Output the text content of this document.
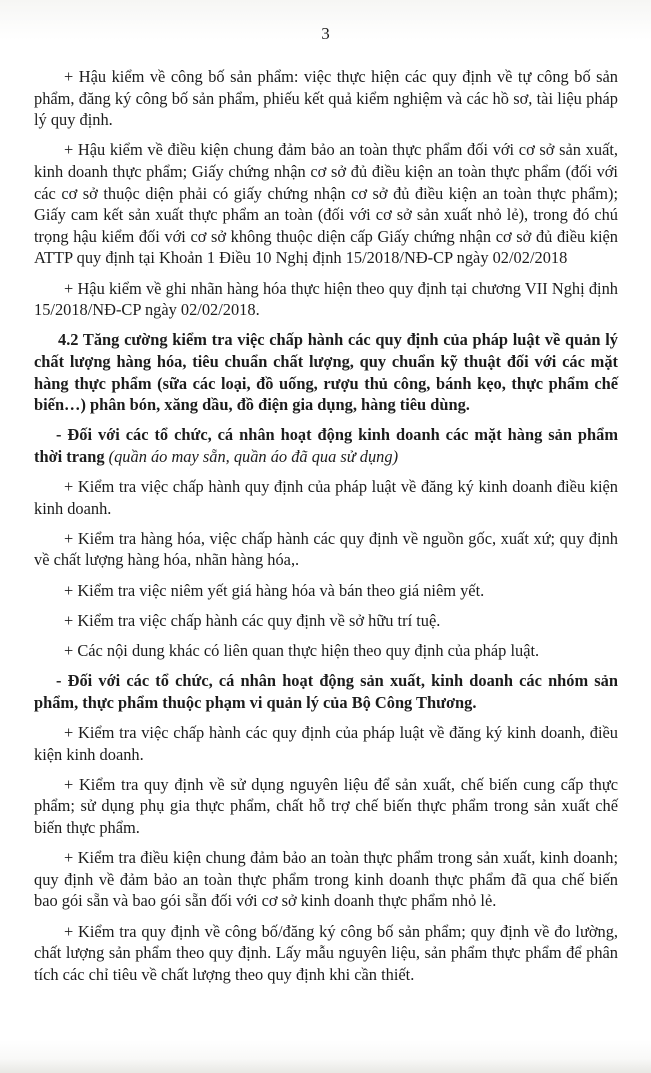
3

+ Hậu kiểm về công bố sản phẩm: việc thực hiện các quy định về tự công bố sản phẩm, đăng ký công bố sản phẩm, phiếu kết quả kiểm nghiệm và các hồ sơ, tài liệu pháp lý quy định.

+ Hậu kiểm về điều kiện chung đảm bảo an toàn thực phẩm đối với cơ sở sản xuất, kinh doanh thực phẩm; Giấy chứng nhận cơ sở đủ điều kiện an toàn thực phẩm (đối với các cơ sở thuộc diện phải có giấy chứng nhận cơ sở đủ điều kiện an toàn thực phẩm); Giấy cam kết sản xuất thực phẩm an toàn (đối với cơ sở sản xuất nhỏ lẻ), trong đó chú trọng hậu kiểm đối với cơ sở không thuộc diện cấp Giấy chứng nhận cơ sở đủ điều kiện ATTP quy định tại Khoản 1 Điều 10 Nghị định 15/2018/NĐ-CP ngày 02/02/2018

+ Hậu kiểm về ghi nhãn hàng hóa thực hiện theo quy định tại chương VII Nghị định 15/2018/NĐ-CP ngày 02/02/2018.

4.2 Tăng cường kiểm tra việc chấp hành các quy định của pháp luật về quản lý chất lượng hàng hóa, tiêu chuẩn chất lượng, quy chuẩn kỹ thuật đối với các mặt hàng thực phẩm (sữa các loại, đồ uống, rượu thủ công, bánh kẹo, thực phẩm chế biến…) phân bón, xăng dầu, đồ điện gia dụng, hàng tiêu dùng.

- Đối với các tổ chức, cá nhân hoạt động kinh doanh các mặt hàng sản phẩm thời trang (quần áo may sẵn, quần áo đã qua sử dụng)

+ Kiểm tra việc chấp hành quy định của pháp luật về đăng ký kinh doanh điều kiện kinh doanh.

+ Kiểm tra hàng hóa, việc chấp hành các quy định về nguồn gốc, xuất xứ; quy định về chất lượng hàng hóa, nhãn hàng hóa,.

+ Kiểm tra việc niêm yết giá hàng hóa và bán theo giá niêm yết.

+ Kiểm tra việc chấp hành các quy định về sở hữu trí tuệ.

+ Các nội dung khác có liên quan thực hiện theo quy định của pháp luật.

- Đối với các tổ chức, cá nhân hoạt động sản xuất, kinh doanh các nhóm sản phẩm, thực phẩm thuộc phạm vi quản lý của Bộ Công Thương.

+ Kiểm tra việc chấp hành các quy định của pháp luật về đăng ký kinh doanh, điều kiện kinh doanh.

+ Kiểm tra quy định về sử dụng nguyên liệu để sản xuất, chế biến cung cấp thực phẩm; sử dụng phụ gia thực phẩm, chất hỗ trợ chế biến thực phẩm trong sản xuất chế biến thực phẩm.

+ Kiểm tra điều kiện chung đảm bảo an toàn thực phẩm trong sản xuất, kinh doanh; quy định về đảm bảo an toàn thực phẩm trong kinh doanh thực phẩm đã qua chế biến bao gói sẵn và bao gói sẵn đối với cơ sở kinh doanh thực phẩm nhỏ lẻ.

+ Kiểm tra quy định về công bố/đăng ký công bố sản phẩm; quy định về đo lường, chất lượng sản phẩm theo quy định. Lấy mẫu nguyên liệu, sản phẩm thực phẩm để phân tích các chỉ tiêu về chất lượng theo quy định khi cần thiết.
